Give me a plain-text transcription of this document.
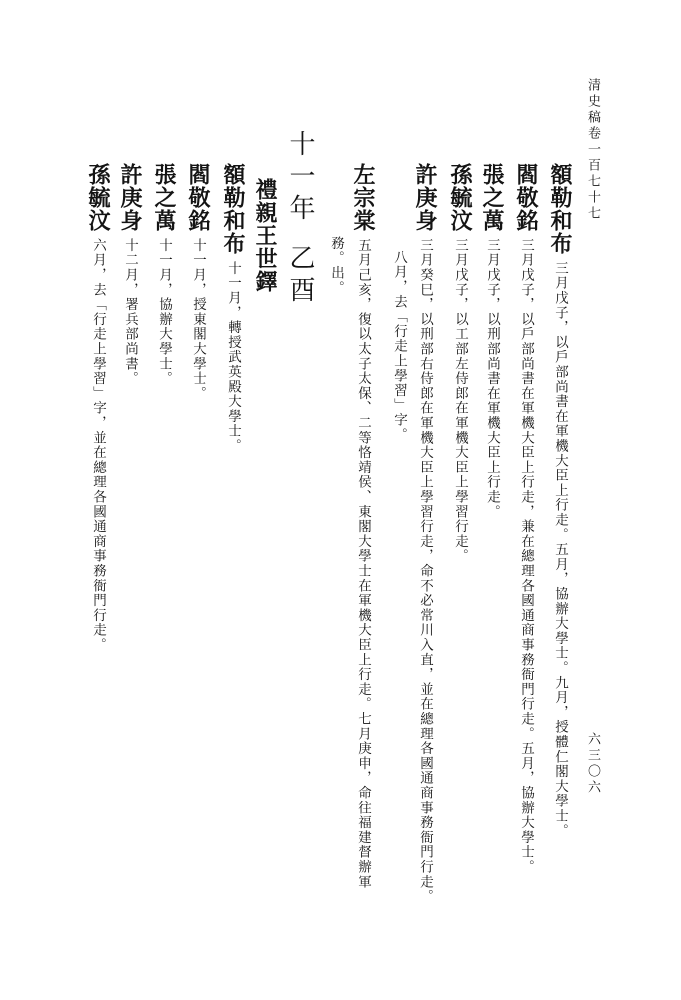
清史稿卷一百七十七
六三〇六
額勒和布三月戊子，以戶部尚書在軍機大臣上行走。五月，協辦大學士。九月，授體仁閣大學士。
閻敬銘三月戊子，以戶部尚書在軍機大臣上行走，兼在總理各國通商事務衙門行走。五月，協辦大學士。
張之萬三月戊子，以刑部尚書在軍機大臣上行走。
孫毓汶三月戊子，以工部左侍郎在軍機大臣上學習行走。
許庚身三月癸巳，以刑部右侍郎在軍機大臣上學習行走，命不必常川入直，並在總理各國通商事務衙門行走。
八月，去「行走上學習」字。
左宗棠五月己亥，復以太子太保、二等恪靖侯、東閣大學士在軍機大臣上行走。七月庚申，命往福建督辦軍
務。出。
十一年乙酉
禮親王世鐸
額勒和布十一月，轉授武英殿大學士。
閻敬銘十一月，授東閣大學士。
張之萬十一月，協辦大學士。
許庚身十二月，署兵部尚書。
孫毓汶六月，去「行走上學習」字，並在總理各國通商事務衙門行走。
